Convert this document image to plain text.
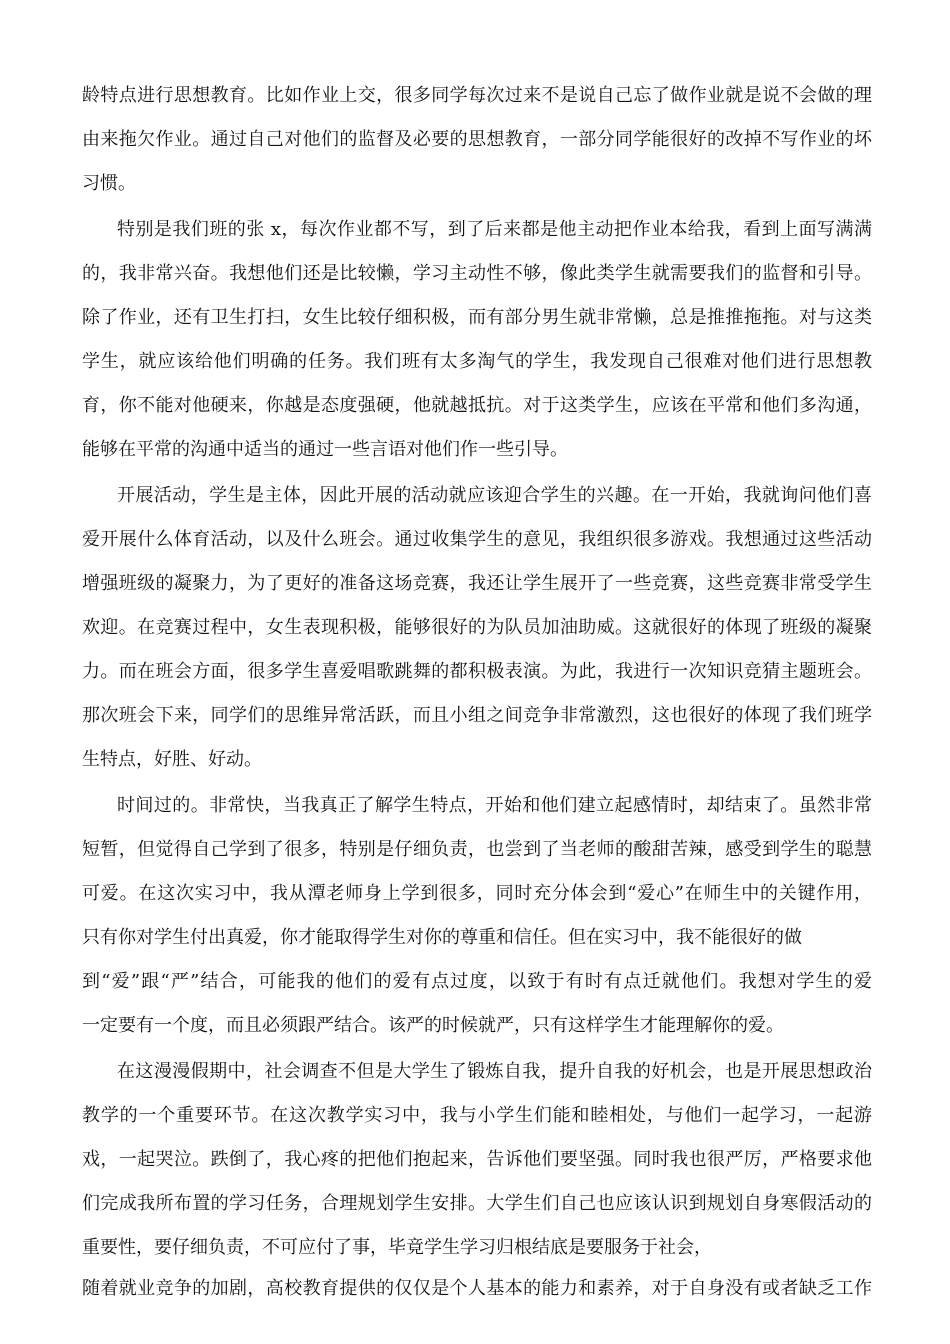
龄特点进行思想教育。比如作业上交，很多同学每次过来不是说自己忘了做作业就是说不会做的理
由来拖欠作业。通过自己对他们的监督及必要的思想教育，一部分同学能很好的改掉不写作业的坏
习惯。
特别是我们班的张 x，每次作业都不写，到了后来都是他主动把作业本给我，看到上面写满满
的，我非常兴奋。我想他们还是比较懒，学习主动性不够，像此类学生就需要我们的监督和引导。
除了作业，还有卫生打扫，女生比较仔细积极，而有部分男生就非常懒，总是推推拖拖。对与这类
学生，就应该给他们明确的任务。我们班有太多淘气的学生，我发现自己很难对他们进行思想教
育，你不能对他硬来，你越是态度强硬，他就越抵抗。对于这类学生，应该在平常和他们多沟通，
能够在平常的沟通中适当的通过一些言语对他们作一些引导。
开展活动，学生是主体，因此开展的活动就应该迎合学生的兴趣。在一开始，我就询问他们喜
爱开展什么体育活动，以及什么班会。通过收集学生的意见，我组织很多游戏。我想通过这些活动
增强班级的凝聚力，为了更好的准备这场竞赛，我还让学生展开了一些竞赛，这些竞赛非常受学生
欢迎。在竞赛过程中，女生表现积极，能够很好的为队员加油助威。这就很好的体现了班级的凝聚
力。而在班会方面，很多学生喜爱唱歌跳舞的都积极表演。为此，我进行一次知识竞猜主题班会。
那次班会下来，同学们的思维异常活跃，而且小组之间竞争非常激烈，这也很好的体现了我们班学
生特点，好胜、好动。
时间过的。非常快，当我真正了解学生特点，开始和他们建立起感情时，却结束了。虽然非常
短暂，但觉得自己学到了很多，特别是仔细负责，也尝到了当老师的酸甜苦辣，感受到学生的聪慧
可爱。在这次实习中，我从潭老师身上学到很多，同时充分体会到“爱心”在师生中的关键作用，
只有你对学生付出真爱，你才能取得学生对你的尊重和信任。但在实习中，我不能很好的做
到“爱”跟“严”结合，可能我的他们的爱有点过度，以致于有时有点迁就他们。我想对学生的爱
一定要有一个度，而且必须跟严结合。该严的时候就严，只有这样学生才能理解你的爱。
在这漫漫假期中，社会调查不但是大学生了锻炼自我，提升自我的好机会，也是开展思想政治
教学的一个重要环节。在这次教学实习中，我与小学生们能和睦相处，与他们一起学习，一起游
戏，一起哭泣。跌倒了，我心疼的把他们抱起来，告诉他们要坚强。同时我也很严厉，严格要求他
们完成我所布置的学习任务，合理规划学生安排。大学生们自己也应该认识到规划自身寒假活动的
重要性，要仔细负责，不可应付了事，毕竟学生学习归根结底是要服务于社会，
随着就业竞争的加剧，高校教育提供的仅仅是个人基本的能力和素养，对于自身没有或者缺乏工作
